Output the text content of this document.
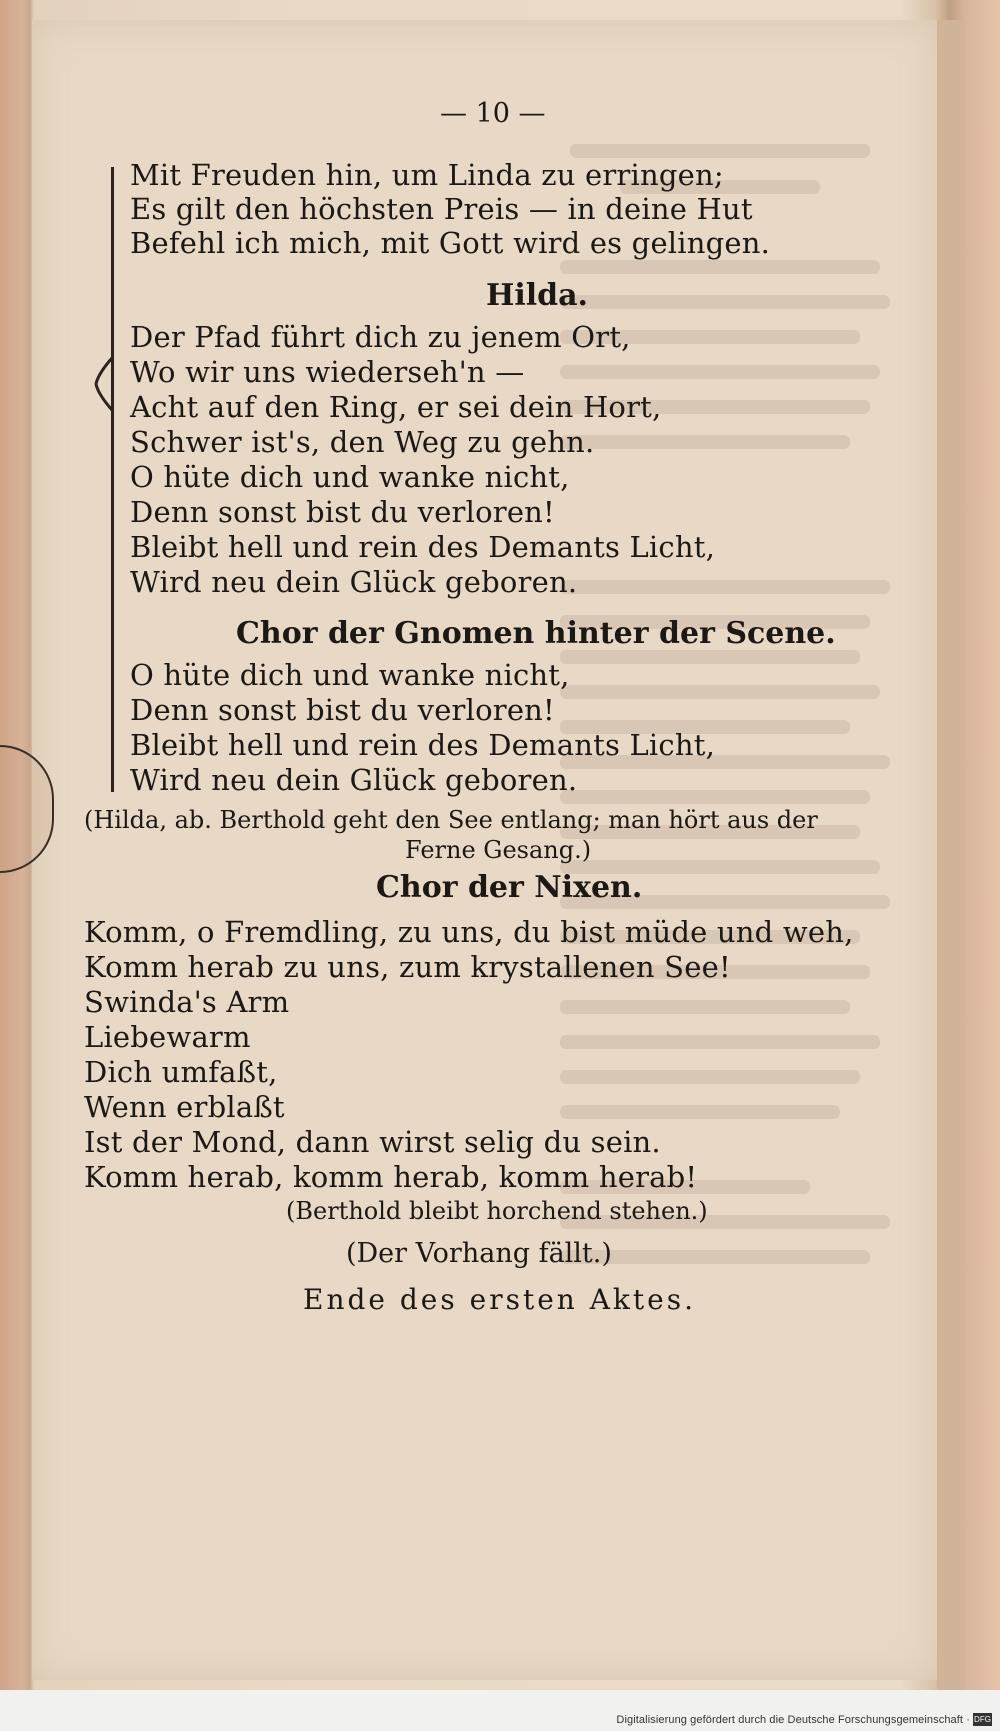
— 10 —
Mit Freuden hin, um Linda zu erringen;
Es gilt den höchsten Preis — in deine Hut
Befehl ich mich, mit Gott wird es gelingen.
Hilda.
Der Pfad führt dich zu jenem Ort,
Wo wir uns wiederseh'n —
Acht auf den Ring, er sei dein Hort,
Schwer ist's, den Weg zu gehn.
O hüte dich und wanke nicht,
Denn sonst bist du verloren!
Bleibt hell und rein des Demants Licht,
Wird neu dein Glück geboren.
Chor der Gnomen hinter der Scene.
O hüte dich und wanke nicht,
Denn sonst bist du verloren!
Bleibt hell und rein des Demants Licht,
Wird neu dein Glück geboren.
(Hilda, ab. Berthold geht den See entlang; man hört aus der
Ferne Gesang.)
Chor der Nixen.
Komm, o Fremdling, zu uns, du bist müde und weh,
Komm herab zu uns, zum krystallenen See!
Swinda's Arm
Liebewarm
Dich umfaßt,
Wenn erblaßt
Ist der Mond, dann wirst selig du sein.
Komm herab, komm herab, komm herab!
(Berthold bleibt horchend stehen.)
(Der Vorhang fällt.)
Ende des ersten Aktes.
Digitalisierung gefördert durch die Deutsche Forschungsgemeinschaft · DFG
